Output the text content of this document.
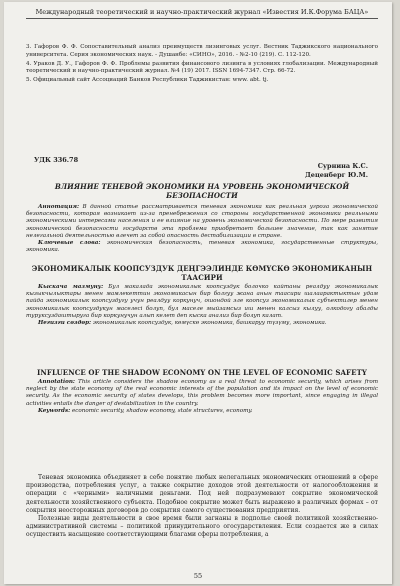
Международный теоретический и научно-практический журнал «Известия И.К.Форума БАЦА»

3. Гафоров Ф. Ф. Сопоставительный анализ преимуществ лизинговых услуг. Вестник Таджикского национального университета. Серия экономических наук. - Душанбе: «СИНО», 2016. - №2-10 (219). С. 112-120.

4. Ураков Д. У., Гафоров Ф. Ф. Проблемы развития финансового лизинга в условиях глобализации. Международный теоретический и научно-практический журнал. №4 (19) 2017. ISSN 1694-7347. Стр. 66-72.

5. Официальный сайт Ассоциаций Банков Республики Таджикистан: www. abt. tj.

УДК 336.78
Сурнина К.С.
Деценберг Ю.М.
ВЛИЯНИЕ ТЕНЕВОЙ ЭКОНОМИКИ НА УРОВЕНЬ ЭКОНОМИЧЕСКОЙ БЕЗОПАСНОСТИ

Аннотация: В данной статье рассматривается теневая экономика как реальная угроза экономической безопасности, которая возникает из-за пренебрежения со стороны государственной экономики реальными экономическими интересами населения и ее влияние на уровень экономической безопасности. По мере развития экономической безопасности государств эта проблема приобретает большее значение, так как занятие нелегальной деятельностью влечет за собой опасность дестабилизации в стране.

Ключевые слова: экономическая безопасность, теневая экономика, государственные структуры, экономика.

ЭКОНОМИКАЛЫК КООПСУЗДУК ДЕҢГЭЭЛИНДЕ КӨМҮСКӨ ЭКОНОМИКАНЫН ТААСИРИ

Кыскача мазмуну: Бул макалада экономикалык коопсуздук болочко кайтаны реалдуу экономикалык кызыкчылыктары менен мамлекеттин экономикасын бир болгуу жана анын таасири шалаарактыктын удам пайда экономикалык коопсуздугу учун реалдуу коркунуч, ошондой эле коопсуз экономикалык субъектилер менен экономикалык коопсуздукун маселесі болуп, бул маселе мыйзамсыз иш менен калсыз кылуу, олкодогу абалды туруксуздаштыруга бир коркунучун алып келет деп кыска анализ бир болуп калат.

Негизги сөздөр: экономикалык коопсуздук, көмүскө экономика, башкаруу түзүму, экономика.

INFLUENCE OF THE SHADOW ECONOMY ON THE LEVEL OF ECONOMIC SAFETY

Annotation: This article considers the shadow economy as a real threat to economic security, which arises from neglect by the state economy of the real economic interests of the population and its impact on the level of economic security. As the economic security of states develops, this problem becomes more important, since engaging in illegal activities entails the danger of destabilization in the country.

Keywords: economic security, shadow economy, state structures, economy.

Теневая экономика объединяет в себе понятие любых нелегальных экономических отношений в сфере производства, потребления услуг, а также сокрытие доходов этой деятельности от налогообложения и операции с «черными» наличными деньгами. Под ней подразумевают сокрытие экономической деятельности хозяйственного субъекта. Подобное сокрытие может быть выражено в различных формах – от сокрытия неосторожных договоров до сокрытия самого существования предприятия.

Полезные виды деятельности в свое время были загнаны в подполье своей политикой хозяйственно- административной системы – политикой принудительного огосударствления. Если создается же в силах осуществить насыщение соответствующими благами сферы потребления, а

55
